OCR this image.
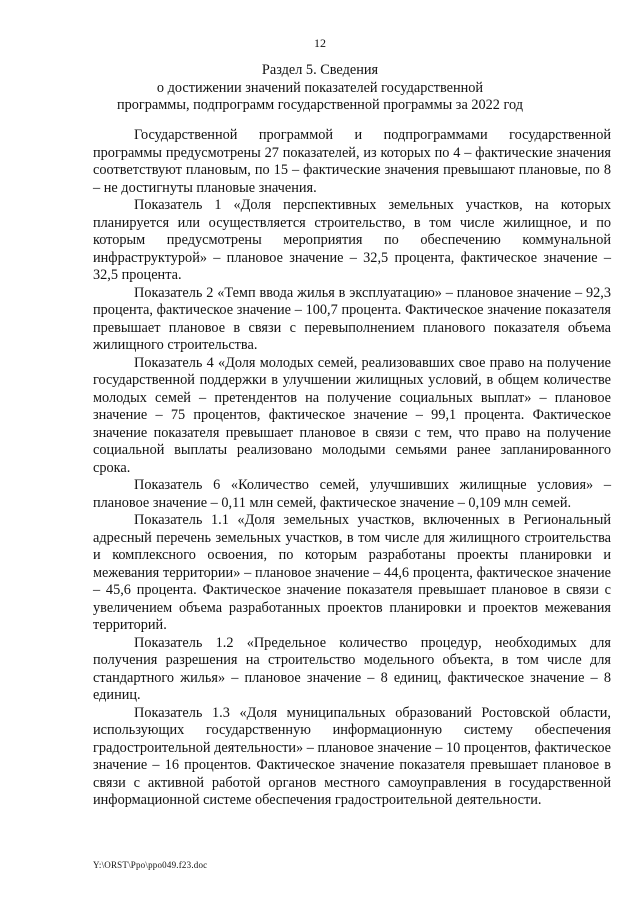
12
Раздел 5. Сведения
о достижении значений показателей государственной
программы, подпрограмм государственной программы за 2022 год

Государственной программой и подпрограммами государственной программы предусмотрены 27 показателей, из которых по 4 – фактические значения соответствуют плановым, по 15 – фактические значения превышают плановые, по 8 – не достигнуты плановые значения.

Показатель 1 «Доля перспективных земельных участков, на которых планируется или осуществляется строительство, в том числе жилищное, и по которым предусмотрены мероприятия по обеспечению коммунальной инфраструктурой» – плановое значение – 32,5 процента, фактическое значение – 32,5 процента.

Показатель 2 «Темп ввода жилья в эксплуатацию» – плановое значение – 92,3 процента, фактическое значение – 100,7 процента. Фактическое значение показателя превышает плановое в связи с перевыполнением планового показателя объема жилищного строительства.

Показатель 4 «Доля молодых семей, реализовавших свое право на получение государственной поддержки в улучшении жилищных условий, в общем количестве молодых семей – претендентов на получение социальных выплат» – плановое значение – 75 процентов, фактическое значение – 99,1 процента. Фактическое значение показателя превышает плановое в связи с тем, что право на получение социальной выплаты реализовано молодыми семьями ранее запланированного срока.

Показатель 6 «Количество семей, улучшивших жилищные условия» – плановое значение – 0,11 млн семей, фактическое значение – 0,109 млн семей.

Показатель 1.1 «Доля земельных участков, включенных в Региональный адресный перечень земельных участков, в том числе для жилищного строительства и комплексного освоения, по которым разработаны проекты планировки и межевания территории» – плановое значение – 44,6 процента, фактическое значение – 45,6 процента. Фактическое значение показателя превышает плановое в связи с увеличением объема разработанных проектов планировки и проектов межевания территорий.

Показатель 1.2 «Предельное количество процедур, необходимых для получения разрешения на строительство модельного объекта, в том числе для стандартного жилья» – плановое значение – 8 единиц, фактическое значение – 8 единиц.

Показатель 1.3 «Доля муниципальных образований Ростовской области, использующих государственную информационную систему обеспечения градостроительной деятельности» – плановое значение – 10 процентов, фактическое значение – 16 процентов. Фактическое значение показателя превышает плановое в связи с активной работой органов местного самоуправления в государственной информационной системе обеспечения градостроительной деятельности.

Y:\ORST\Ppo\ppo049.f23.doc
